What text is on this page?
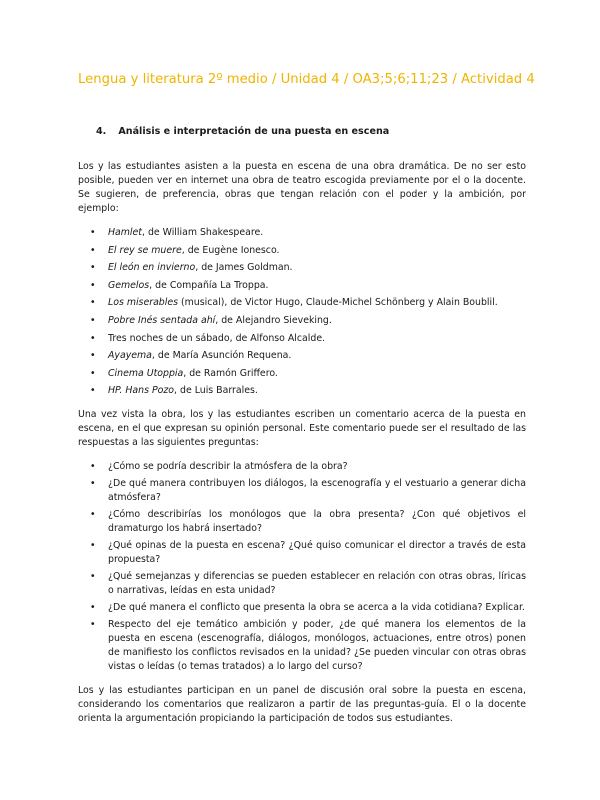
Lengua y literatura 2º medio / Unidad 4 / OA3;5;6;11;23 / Actividad 4
4. Análisis e interpretación de una puesta en escena

Los y las estudiantes asisten a la puesta en escena de una obra dramática. De no ser esto posible, pueden ver en internet una obra de teatro escogida previamente por el o la docente. Se sugieren, de preferencia, obras que tengan relación con el poder y la ambición, por ejemplo:

• Hamlet, de William Shakespeare.
• El rey se muere, de Eugène Ionesco.
• El león en invierno, de James Goldman.
• Gemelos, de Compañía La Troppa.
• Los miserables (musical), de Victor Hugo, Claude-Michel Schönberg y Alain Boublil.
• Pobre Inés sentada ahí, de Alejandro Sieveking.
• Tres noches de un sábado, de Alfonso Alcalde.
• Ayayema, de María Asunción Requena.
• Cinema Utoppia, de Ramón Griffero.
• HP. Hans Pozo, de Luis Barrales.

Una vez vista la obra, los y las estudiantes escriben un comentario acerca de la puesta en escena, en el que expresan su opinión personal. Este comentario puede ser el resultado de las respuestas a las siguientes preguntas:

• ¿Cómo se podría describir la atmósfera de la obra?
• ¿De qué manera contribuyen los diálogos, la escenografía y el vestuario a generar dicha atmósfera?
• ¿Cómo describirías los monólogos que la obra presenta? ¿Con qué objetivos el dramaturgo los habrá insertado?
• ¿Qué opinas de la puesta en escena? ¿Qué quiso comunicar el director a través de esta propuesta?
• ¿Qué semejanzas y diferencias se pueden establecer en relación con otras obras, líricas o narrativas, leídas en esta unidad?
• ¿De qué manera el conflicto que presenta la obra se acerca a la vida cotidiana? Explicar.
• Respecto del eje temático ambición y poder, ¿de qué manera los elementos de la puesta en escena (escenografía, diálogos, monólogos, actuaciones, entre otros) ponen de manifiesto los conflictos revisados en la unidad? ¿Se pueden vincular con otras obras vistas o leídas (o temas tratados) a lo largo del curso?

Los y las estudiantes participan en un panel de discusión oral sobre la puesta en escena, considerando los comentarios que realizaron a partir de las preguntas-guía. El o la docente orienta la argumentación propiciando la participación de todos sus estudiantes.
